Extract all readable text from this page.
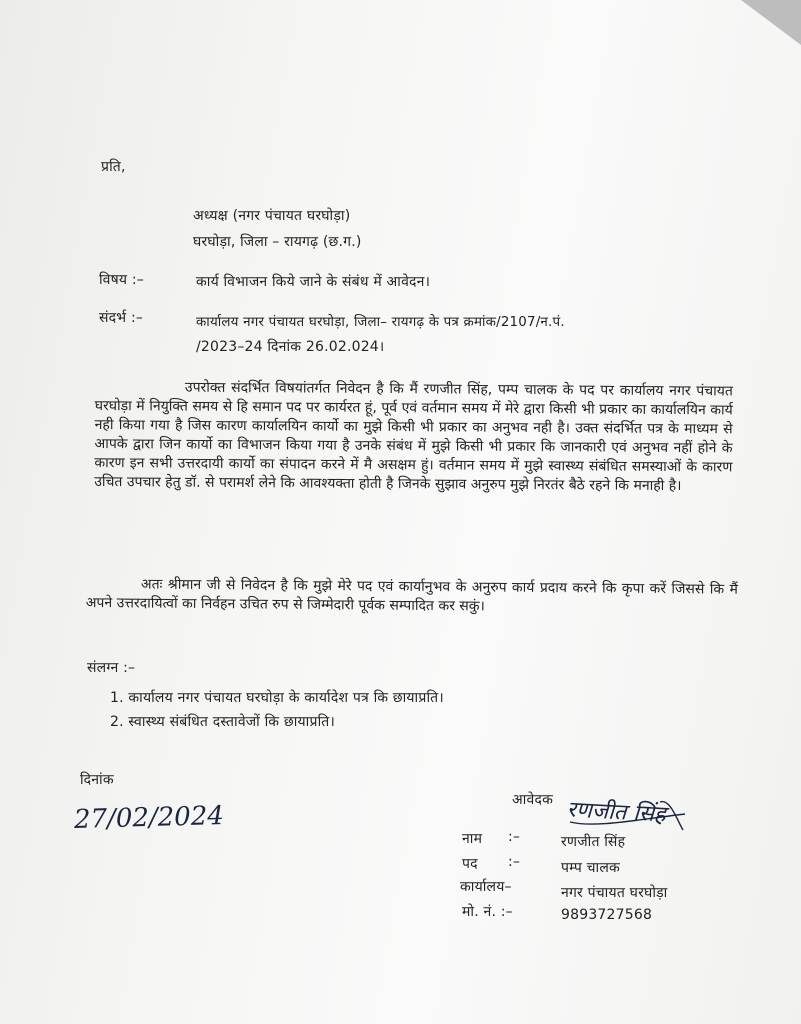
प्रति,
अध्यक्ष (नगर पंचायत घरघोड़ा)
घरघोड़ा, जिला – रायगढ़ (छ.ग.)
विषय :–	कार्य विभाजन किये जाने के संबंध में आवेदन।
संदर्भ :–	कार्यालय नगर पंचायत घरघोड़ा, जिला– रायगढ़ के पत्र क्रमांक/2107/न.पं.
/2023–24 दिनांक 26.02.024।
उपरोक्त संदर्भित विषयांतर्गत निवेदन है कि मैं रणजीत सिंह, पम्प चालक के पद पर कार्यालय नगर पंचायत घरघोड़ा में नियुक्ति समय से हि समान पद पर कार्यरत हूं, पूर्व एवं वर्तमान समय में मेरे द्वारा किसी भी प्रकार का कार्यालयिन कार्य नही किया गया है जिस कारण कार्यालयिन कार्यो का मुझे किसी भी प्रकार का अनुभव नही है। उक्त संदर्भित पत्र के माध्यम से आपके द्वारा जिन कार्यो का विभाजन किया गया है उनके संबंध में मुझे किसी भी प्रकार कि जानकारी एवं अनुभव नहीं होने के कारण इन सभी उत्तरदायी कार्यो का संपादन करने में मै असक्षम हुं। वर्तमान समय में मुझे स्वास्थ्य संबंधित समस्याओं के कारण उचित उपचार हेतु डॉ. से परामर्श लेने कि आवश्यक्ता होती है जिनके सुझाव अनुरुप मुझे निरतंर बैठे रहने कि मनाही है।
अतः श्रीमान जी से निवेदन है कि मुझे मेरे पद एवं कार्यानुभव के अनुरुप कार्य प्रदाय करने कि कृपा करें जिससे कि मैं अपने उत्तरदायित्वों का निर्वहन उचित रुप से जिम्मेदारी पूर्वक सम्पादित कर सकुं।
संलग्न :–
1. कार्यालय नगर पंचायत घरघोड़ा के कार्यादेश पत्र कि छायाप्रति।
2. स्वास्थ्य संबंधित दस्तावेजों कि छायाप्रति।
दिनांक
27/02/2024
आवेदक रणजीत सिंह
नाम :–	रणजीत सिंह
पद :–	पम्प चालक
कार्यालय–	नगर पंचायत घरघोड़ा
मो. नं. :–	9893727568
